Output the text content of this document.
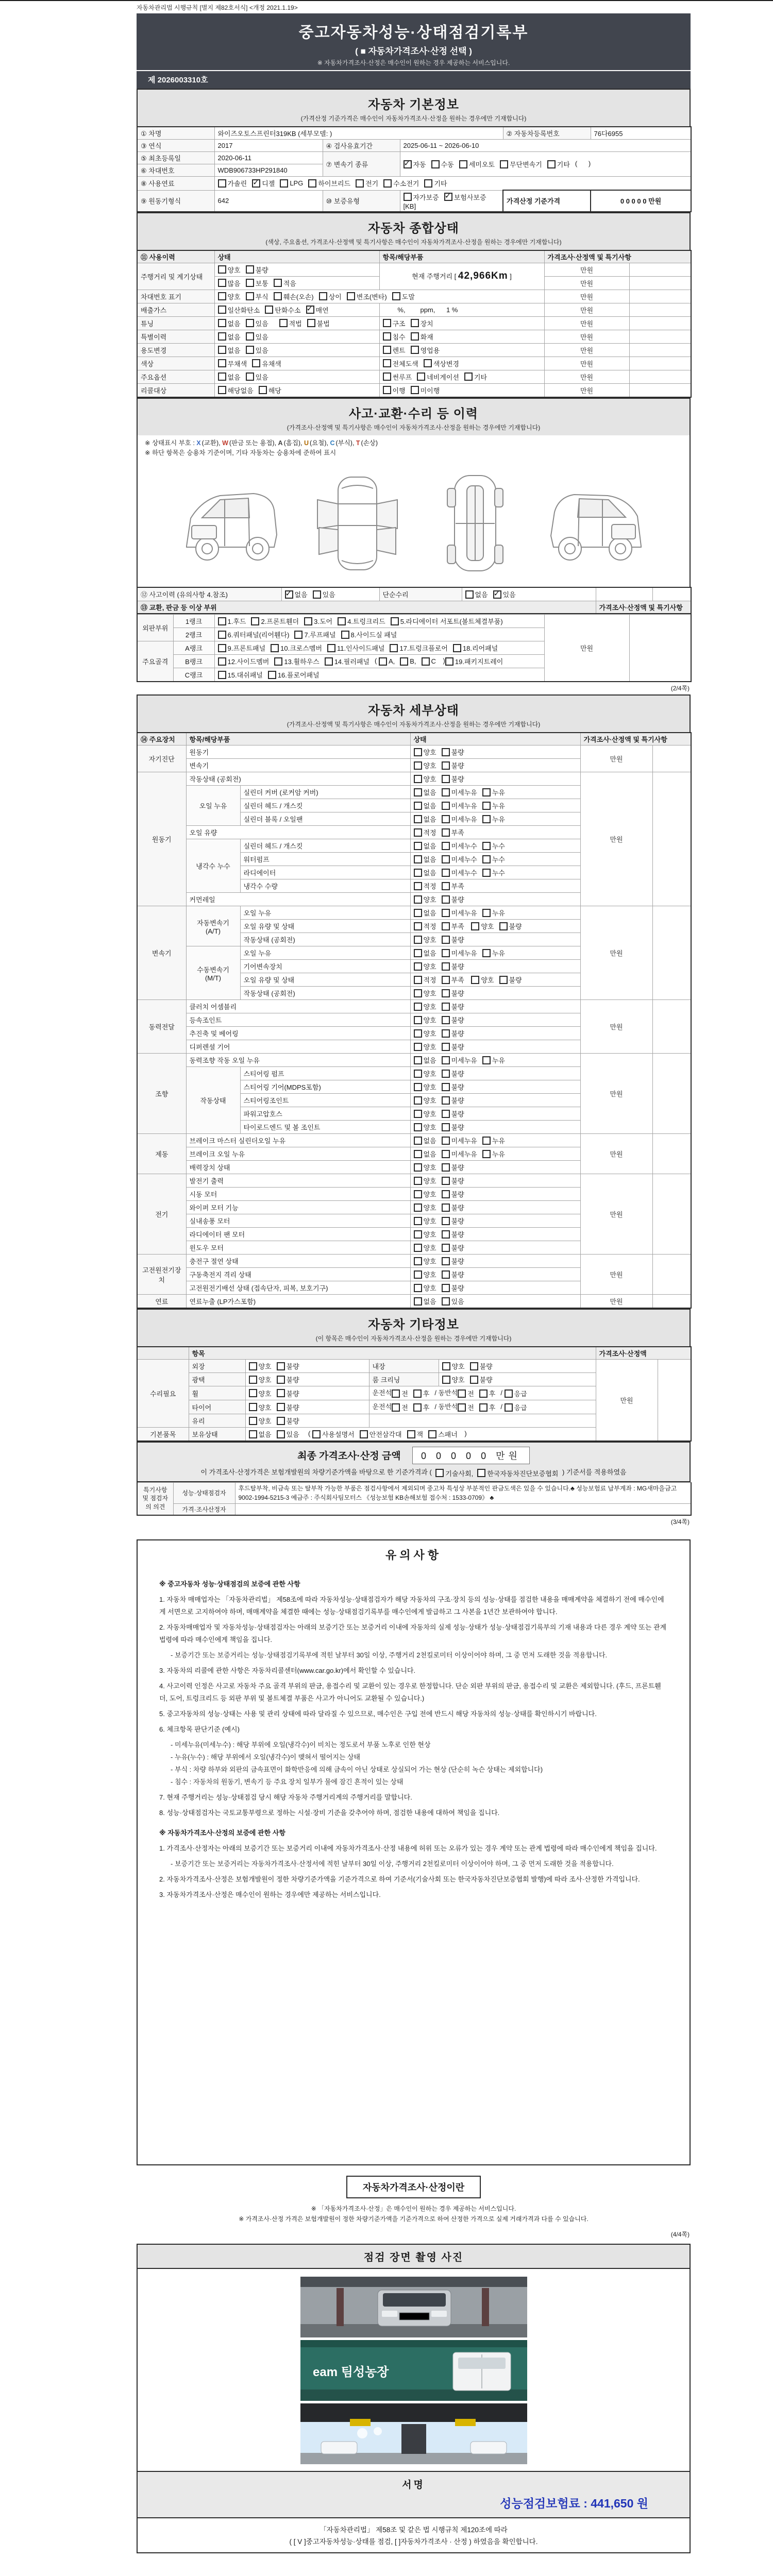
자동차관리법 시행규칙 [별지 제82호서식] <개정 2021.1.19>
중고자동차성능·상태점검기록부
( ■ 자동차가격조사·산정 선택 )
※ 자동차가격조사·산정은 매수인이 원하는 경우 제공하는 서비스입니다.
제 2026003310호
자동차 기본정보
(가격산정 기준가격은 매수인이 자동차가격조사·산정을 원하는 경우에만 기재합니다)
① 차명	와이즈오토스프린터319KB (세부모델: )			② 자동차등록번호	76다6955
③ 연식	2017	④ 검사유효기간	2025-06-11 ~ 2026-06-10		
⑤ 최초등록일	2020-06-11	⑦ 변속기 종류	
✓자동 수동 세미오토 무단변속기 기타 (      )
⑥ 차대번호	WDB906733HP291840				
⑧ 사용연료	가솔린 ✓ 디젤 LPG 하이브리드 전기 수소전기 기타

⑨ 원동기형식	642	⑩ 보증유형	자가보증 ✓ 보험사보증
[KB]	가격산정 기준가격	0 0 0 0 0 만원
자동차 종합상태
(색상, 주요옵션, 가격조사·산정액 및 특기사항은 매수인이 자동차가격조사·산정을 원하는 경우에만 기재합니다)
⑪ 사용이력	상태	항목/해당부품	가격조사·산정액 및 특기사항	
주행거리 및 계기상태	양호 불량	현재 주행거리 [ 42,966Km ]	만원	

	많음 보통 적음		만원	
차대번호 표기	양호 부식 훼손(오손) 상이 변조(변타) 도말	만원	
배출가스	일산화탄소 탄화수소 ✓ 매연	%,        ppm,      1 %	만원	
튜닝	없음 있음
적법 불법	구조 장치	만원	
특별이력	없음 있음	침수 화재	만원	
용도변경	없음 있음	렌트 영업용	만원	
색상	무채색 유채색	전체도색 색상변경	만원	
주요옵션	없음 있음	썬루프 네비게이션 기타	만원	
리콜대상	해당없음 해당	이행 미이행	만원	
사고·교환·수리 등 이력
(가격조사·산정액 및 특기사항은 매수인이 자동차가격조사·산정을 원하는 경우에만 기재합니다)
※ 상태표시 부호 : X (교환), W (판금 또는 용접), A (흠집), U (요철), C (부식), T (손상)
※ 하단 항목은 승용차 기준이며, 기타 자동차는 승용차에 준하여 표시
⑫ 사고이력 (유의사항 4.참조)	
✓없음 있음	단순수리	없음 ✓ 있음

⑬ 교환, 판금 등 이상 부위				가격조사·산정액 및 특기사항	
외판부위	1랭크	1.후드 2.프론트휀더 3.도어 4.트렁크리드 5.라디에이터 서포트(볼트체결부품)	만원	
	2랭크	6.쿼터패널(리어휀다) 7.루프패널 8.사이드실 패널		

주요골격	A랭크	9.프론트패널 10.크로스멤버 11.인사이드패널 17.트렁크플로어 18.리어패널		

B랭크	12.사이드멤버 13.휠하우스 14.필러패널 ( A, B, C ) 19.패키지트레이

	C랭크	15.대쉬패널 16.플로어패널		
(2/4쪽)
자동차 세부상태
(가격조사·산정액 및 특기사항은 매수인이 자동차가격조사·산정을 원하는 경우에만 기재합니다)
⑭ 주요장치	항목/해당부품		상태	가격조사·산정액 및 특기사항	
자기진단	원동기		양호 불량	만원	
	변속기		양호 불량		

원동기	작동상태 (공회전)		양호 불량	만원	
	오일 누유	실린더 커버 (로커암 커버)	없음 미세누유 누유		

		실린더 헤드 / 개스킷	없음 미세누유 누유		

		실린더 블록 / 오일팬	없음 미세누유 누유		

	오일 유량		적정 부족		

	냉각수 누수	실린더 헤드 / 개스킷	없음 미세누수 누수		

		워터펌프	없음 미세누수 누수		

		라디에이터	없음 미세누수 누수		

		냉각수 수량	적정 부족		

	커먼레일		양호 불량		

변속기	자동변속기 (A/T)	오일 누유	없음 미세누유 누유	만원	
		오일 유량 및 상태	적정 부족
양호 불량		

		작동상태 (공회전)	양호 불량		

	수동변속기 (M/T)	오일 누유	없음 미세누유 누유		

		기어변속장치	양호 불량		

		오일 유량 및 상태	적정 부족
양호 불량		

		작동상태 (공회전)	양호 불량		

동력전달	클러치 어셈블리		양호 불량	만원	
	등속조인트		양호 불량		

	추진축 및 베어링		양호 불량		

	디퍼렌셜 기어		양호 불량		

조향	동력조향 작동 오일 누유		없음 미세누유 누유	만원	
	작동상태	스티어링 펌프	양호 불량		

		스티어링 기어(MDPS포함)	양호 불량		

		스티어링조인트	양호 불량		

		파워고압호스	양호 불량		

		타이로드엔드 및 볼 조인트	양호 불량		

제동	브레이크 마스터 실린더오일 누유		없음 미세누유 누유	만원	
	브레이크 오일 누유		없음 미세누유 누유		

	배력장치 상태		양호 불량		

전기	발전기 출력		양호 불량	만원	
	시동 모터		양호 불량		

	와이퍼 모터 기능		양호 불량		

	실내송풍 모터		양호 불량		

	라디에이터 팬 모터		양호 불량		

	윈도우 모터		양호 불량		

고전원전기장치	충전구 절연 상태		양호 불량	만원	
	구동축전지 격리 상태		양호 불량		

	고전원전기배선 상태 (접속단자, 피복, 보호기구)		양호 불량		

연료	연료누출 (LP가스포함)		없음 있음	만원	
자동차 기타정보
(이 항목은 매수인이 자동차가격조사·산정을 원하는 경우에만 기재합니다)
	항목				가격조사·산정액	
수리필요	외장	양호 불량	내장	양호 불량	만원	
	광택	양호 불량	룸 크리닝	양호 불량		

휠	양호 불량	운전석 전 후 / 동반석 전 후 / 응급

타이어	양호 불량	운전석 전 후 / 동반석 전 후 / 응급

	유리	양호 불량				

기본품목	보유상태	없음 있음 ( 사용설명서 안전삼각대 잭 스패너 )
최종 가격조사·산정 금액 0 0 0 0 0 만원
이 가격조사·산정가격은 보험개발원의 차량기준가액을 바탕으로 한 기준가격과 ( 기술사회, 한국자동차진단보증협회 ) 기준서를 적용하였음
특기사항 및 점검자의 의견	성능·상태점검자	후드탈부착, 비금속 또는 탈부착 가능한 부품은 점검사항에서 제외되며 중고차 특성상 부분적인 판금도색은 있을 수 있습니다.♣ 성능보험료 납부계좌 : MG새마을금고 9002-1994-5215-3 예금주 : 주식회사팀모터스 《성능보험 KB손해보험 접수처 : 1533-0709》 ♣
	가격·조사산정자	
(3/4쪽)
유의사항
※ 중고자동차 성능·상태점검의 보증에 관한 사항
1. 자동차 매매업자는 「자동차관리법」 제58조에 따라 자동차성능·상태점검자가 해당 자동차의 구조·장치 등의 성능·상태를 점검한 내용을 매매계약을 체결하기 전에 매수인에게 서면으로 고지하여야 하며, 매매계약을 체결한 때에는 성능·상태점검기록부를 매수인에게 발급하고 그 사본을 1년간 보관하여야 합니다.
2. 자동차매매업자 및 자동차성능·상태점검자는 아래의 보증기간 또는 보증거리 이내에 자동차의 실제 성능·상태가 성능·상태점검기록부의 기재 내용과 다른 경우 계약 또는 관계 법령에 따라 매수인에게 책임을 집니다.
- 보증기간 또는 보증거리는 성능·상태점검기록부에 적힌 날부터 30일 이상, 주행거리 2천킬로미터 이상이어야 하며, 그 중 먼저 도래한 것을 적용합니다.
3. 자동차의 리콜에 관한 사항은 자동차리콜센터(www.car.go.kr)에서 확인할 수 있습니다.
4. 사고이력 인정은 사고로 자동차 주요 골격 부위의 판금, 용접수리 및 교환이 있는 경우로 한정합니다. 단순 외판 부위의 판금, 용접수리 및 교환은 제외합니다. (후드, 프론트휀더, 도어, 트렁크리드 등 외판 부위 및 볼트체결 부품은 사고가 아니어도 교환될 수 있습니다.)
5. 중고자동차의 성능·상태는 사용 및 관리 상태에 따라 달라질 수 있으므로, 매수인은 구입 전에 반드시 해당 자동차의 성능·상태를 확인하시기 바랍니다.
6. 체크항목 판단기준 (예시)
- 미세누유(미세누수) : 해당 부위에 오일(냉각수)이 비치는 정도로서 부품 노후로 인한 현상
- 누유(누수) : 해당 부위에서 오일(냉각수)이 맺혀서 떨어지는 상태
- 부식 : 차량 하부와 외판의 금속표면이 화학반응에 의해 금속이 아닌 상태로 상실되어 가는 현상 (단순히 녹슨 상태는 제외합니다)
- 침수 : 자동차의 원동기, 변속기 등 주요 장치 일부가 물에 잠긴 흔적이 있는 상태
7. 현재 주행거리는 성능·상태점검 당시 해당 자동차 주행거리계의 주행거리를 말합니다.
8. 성능·상태점검자는 국토교통부령으로 정하는 시설·장비 기준을 갖추어야 하며, 점검한 내용에 대하여 책임을 집니다.
※ 자동차가격조사·산정의 보증에 관한 사항
1. 가격조사·산정자는 아래의 보증기간 또는 보증거리 이내에 자동차가격조사·산정 내용에 허위 또는 오류가 있는 경우 계약 또는 관계 법령에 따라 매수인에게 책임을 집니다.
- 보증기간 또는 보증거리는 자동차가격조사·산정서에 적힌 날부터 30일 이상, 주행거리 2천킬로미터 이상이어야 하며, 그 중 먼저 도래한 것을 적용합니다.
2. 자동차가격조사·산정은 보험개발원이 정한 차량기준가액을 기준가격으로 하여 기준서(기술사회 또는 한국자동차진단보증협회 발행)에 따라 조사·산정한 가격입니다.
3. 자동차가격조사·산정은 매수인이 원하는 경우에만 제공하는 서비스입니다.
자동차가격조사·산정이란
※ 「자동차가격조사·산정」은 매수인이 원하는 경우 제공하는 서비스입니다.
※ 가격조사·산정 가격은 보험개발원이 정한 차량기준가액을 기준가격으로 하여 산정한 가격으로 실제 거래가격과 다를 수 있습니다.
(4/4쪽)
점검 장면 촬영 사진
eam 팀성농장
서명
성능점검보험료 : 441,650 원
「자동차관리법」 제58조 및 같은 법 시행규칙 제120조에 따라
( [ V ]중고자동차성능·상태를 점검, [ ]자동차가격조사 · 산정 ) 하였음을 확인합니다.
